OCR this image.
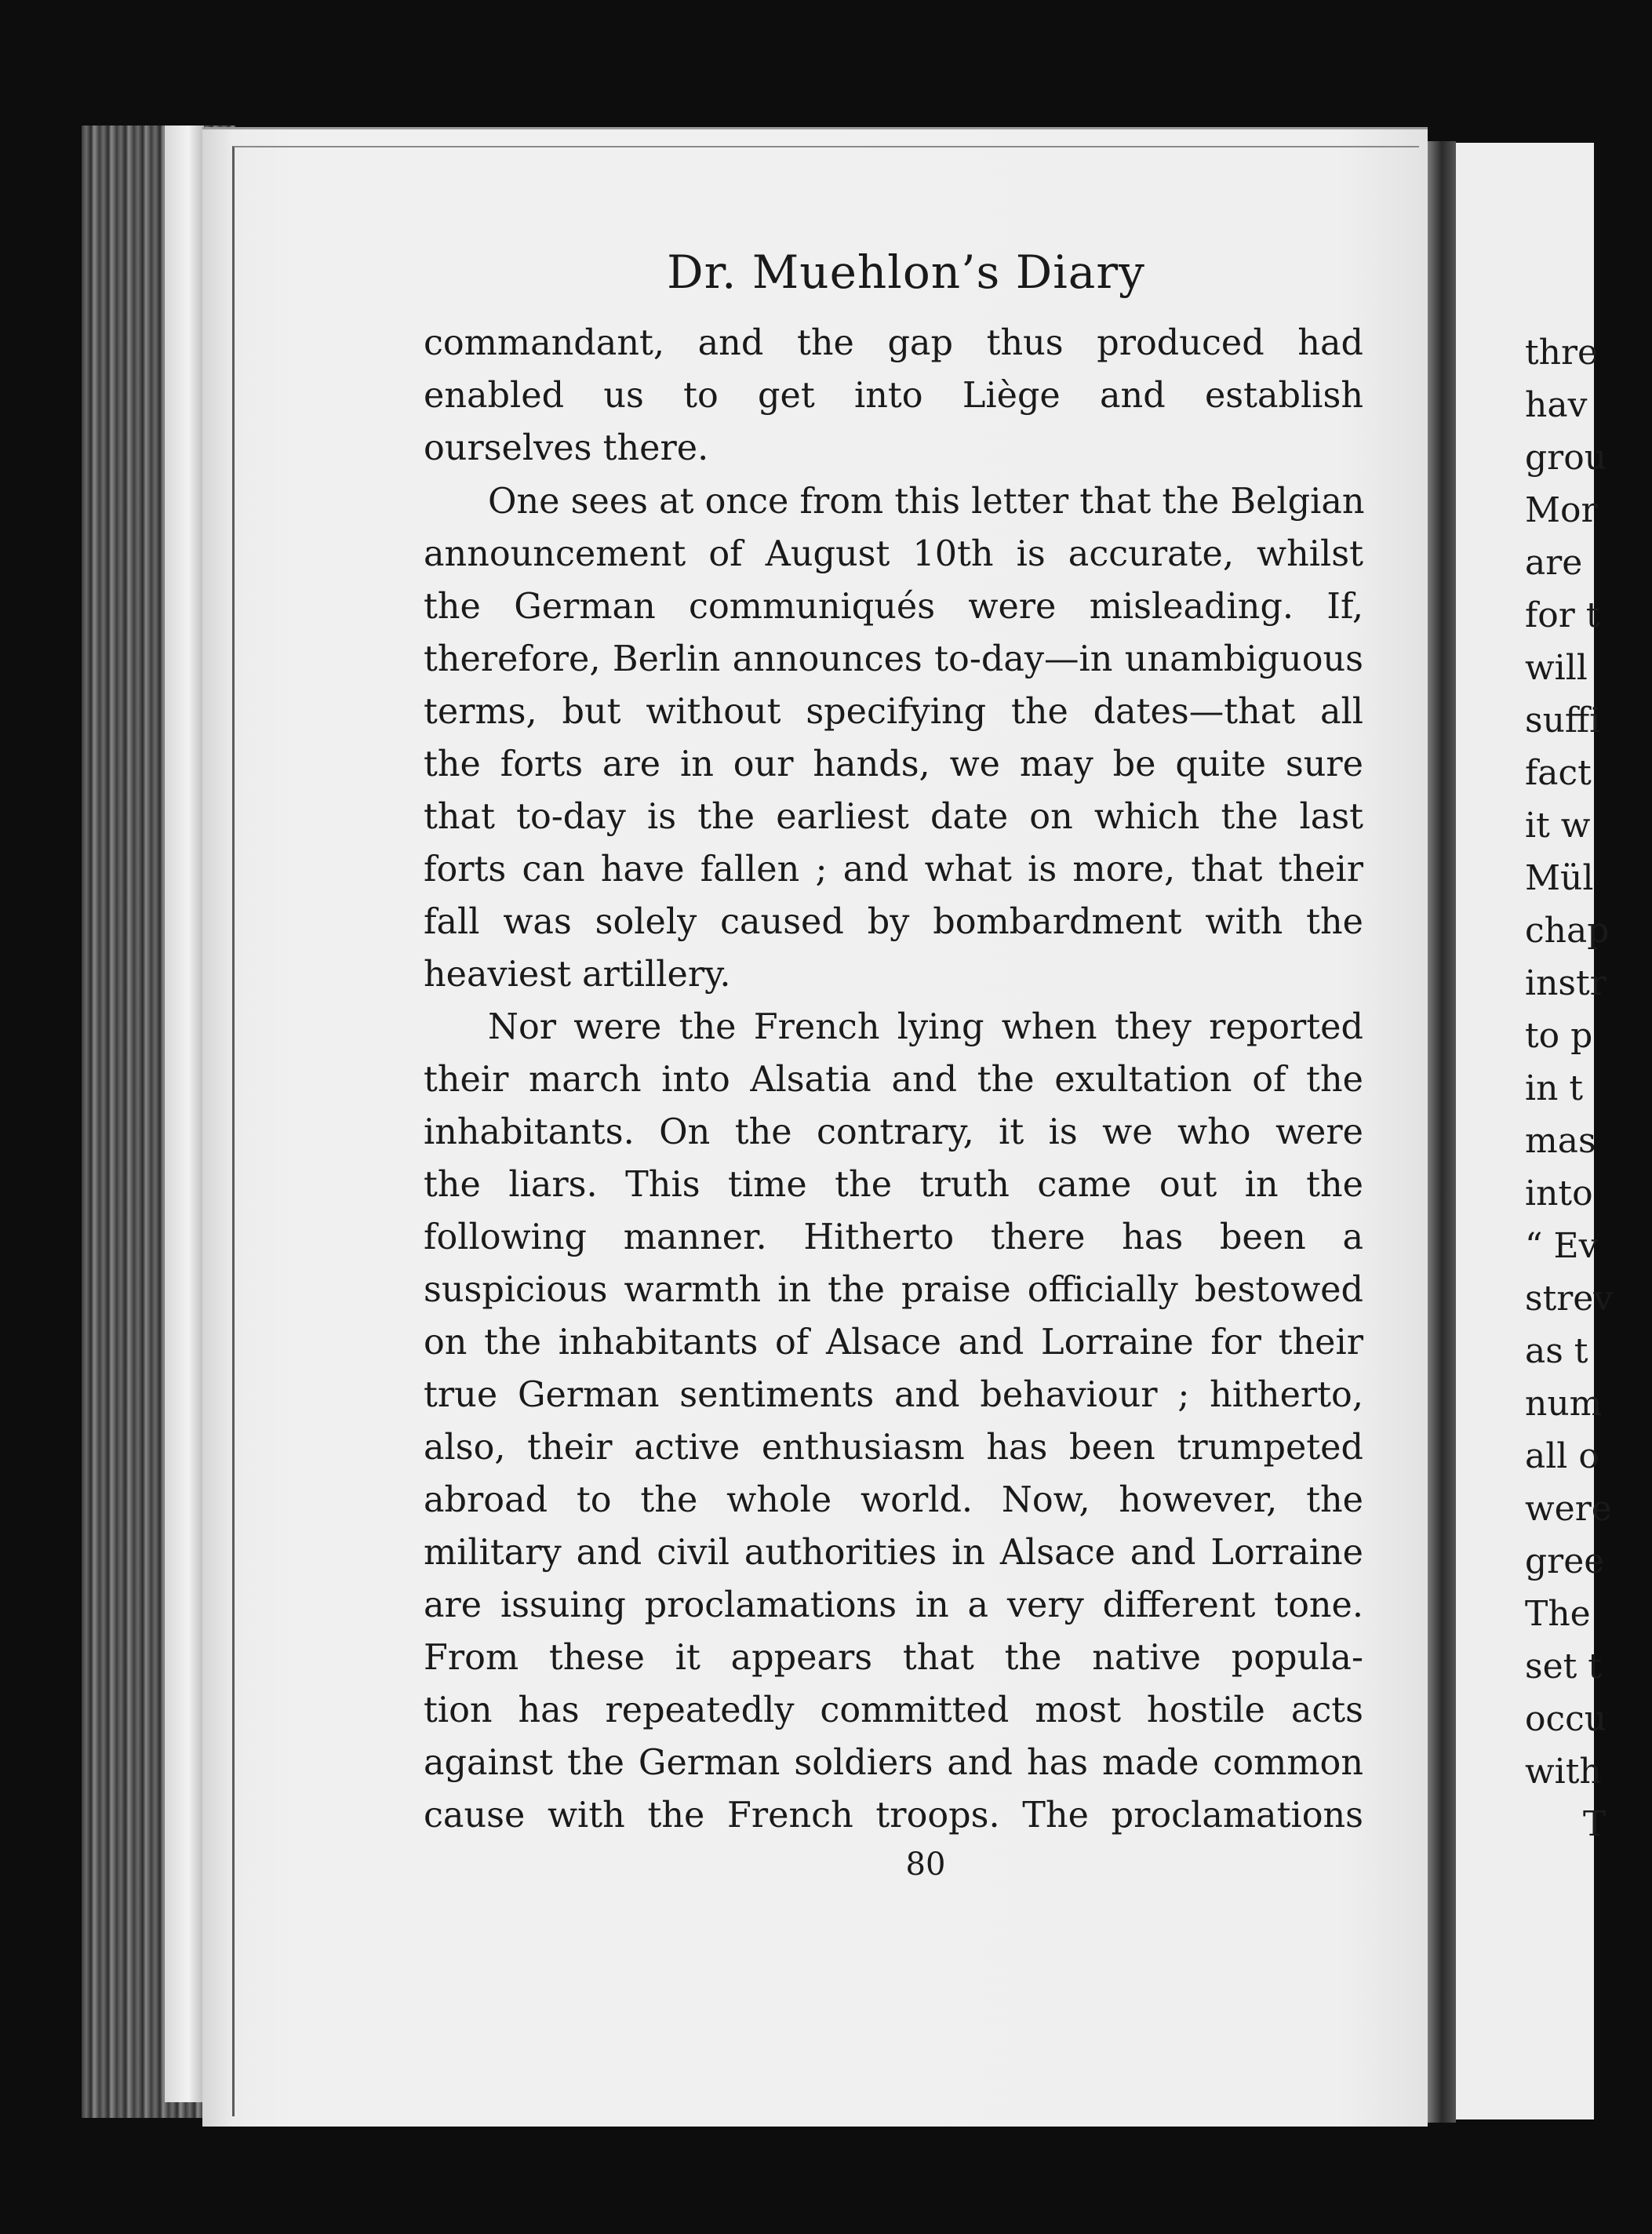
Dr. Muehlon’s Diary
commandant, and the gap thus produced had
enabled us to get into Liège and establish
ourselves there.
One sees at once from this letter that the Belgian
announcement of August 10th is accurate, whilst
the German communiqués were misleading. If,
therefore, Berlin announces to-day—in unambiguous
terms, but without specifying the dates—that all
the forts are in our hands, we may be quite sure
that to-day is the earliest date on which the last
forts can have fallen ; and what is more, that their
fall was solely caused by bombardment with the
heaviest artillery.
Nor were the French lying when they reported
their march into Alsatia and the exultation of the
inhabitants. On the contrary, it is we who were
the liars. This time the truth came out in the
following manner. Hitherto there has been a
suspicious warmth in the praise officially bestowed
on the inhabitants of Alsace and Lorraine for their
true German sentiments and behaviour ; hitherto,
also, their active enthusiasm has been trumpeted
abroad to the whole world. Now, however, the
military and civil authorities in Alsace and Lorraine
are issuing proclamations in a very different tone.
From these it appears that the native popula-
tion has repeatedly committed most hostile acts
against the German soldiers and has made common
cause with the French troops. The proclamations
80
thre
hav
grou
Mor
are
for t
will
suffi
fact
it w
Mül
chap
instr
to p
in t
mas
into
“ Ev
strev
as t
num
all o
were
gree
The
set t
occu
with
T
